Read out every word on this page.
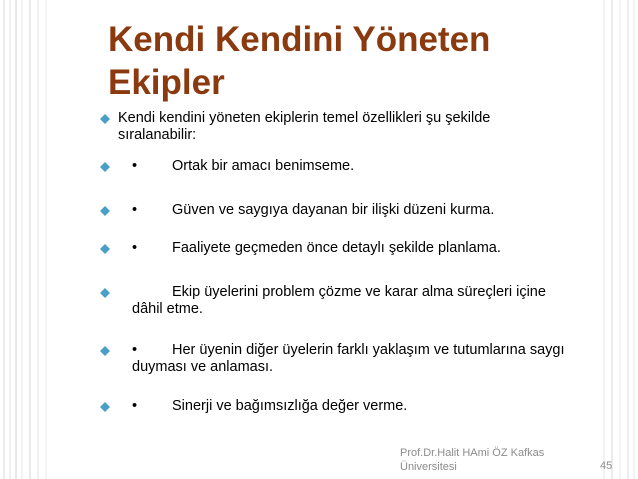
Kendi Kendini Yöneten
Ekipler
Kendi kendini yöneten ekiplerin temel özellikleri şu şekilde sıralanabilir:
• Ortak bir amacı benimseme.
• Güven ve saygıya dayanan bir ilişki düzeni kurma.
• Faaliyete geçmeden önce detaylı şekilde planlama.
Ekip üyelerini problem çözme ve karar alma süreçleri içine
dâhil etme.
• Her üyenin diğer üyelerin farklı yaklaşım ve tutumlarına saygı
duyması ve anlaması.
• Sinerji ve bağımsızlığa değer verme.
Prof.Dr.Halit HAmi ÖZ Kafkas
Üniversitesi	45
